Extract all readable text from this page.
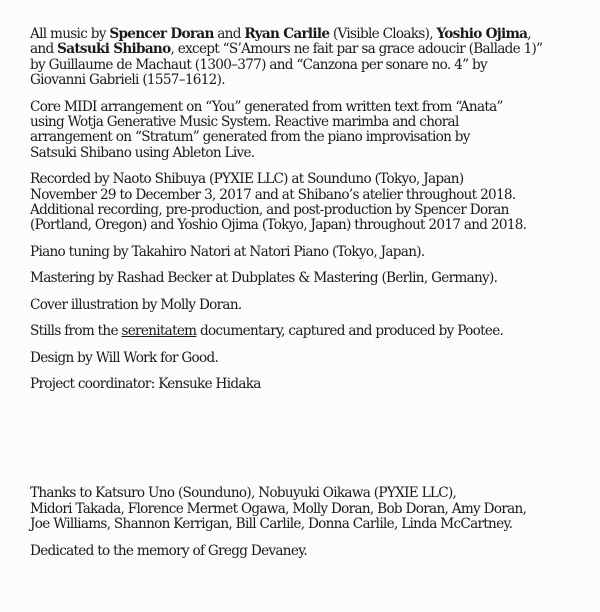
All music by Spencer Doran and Ryan Carlile (Visible Cloaks), Yoshio Ojima,
and Satsuki Shibano, except “S’Amours ne fait par sa grace adoucir (Ballade 1)”
by Guillaume de Machaut (1300–377) and “Canzona per sonare no. 4” by
Giovanni Gabrieli (1557–1612).

Core MIDI arrangement on “You” generated from written text from “Anata”
using Wotja Generative Music System. Reactive marimba and choral
arrangement on “Stratum” generated from the piano improvisation by
Satsuki Shibano using Ableton Live.

Recorded by Naoto Shibuya (PYXIE LLC) at Sounduno (Tokyo, Japan)
November 29 to December 3, 2017 and at Shibano’s atelier throughout 2018.
Additional recording, pre-production, and post-production by Spencer Doran
(Portland, Oregon) and Yoshio Ojima (Tokyo, Japan) throughout 2017 and 2018.

Piano tuning by Takahiro Natori at Natori Piano (Tokyo, Japan).

Mastering by Rashad Becker at Dubplates & Mastering (Berlin, Germany).

Cover illustration by Molly Doran.

Stills from the serenitatem documentary, captured and produced by Pootee.

Design by Will Work for Good.

Project coordinator: Kensuke Hidaka

Thanks to Katsuro Uno (Sounduno), Nobuyuki Oikawa (PYXIE LLC),
Midori Takada, Florence Mermet Ogawa, Molly Doran, Bob Doran, Amy Doran,
Joe Williams, Shannon Kerrigan, Bill Carlile, Donna Carlile, Linda McCartney.

Dedicated to the memory of Gregg Devaney.
